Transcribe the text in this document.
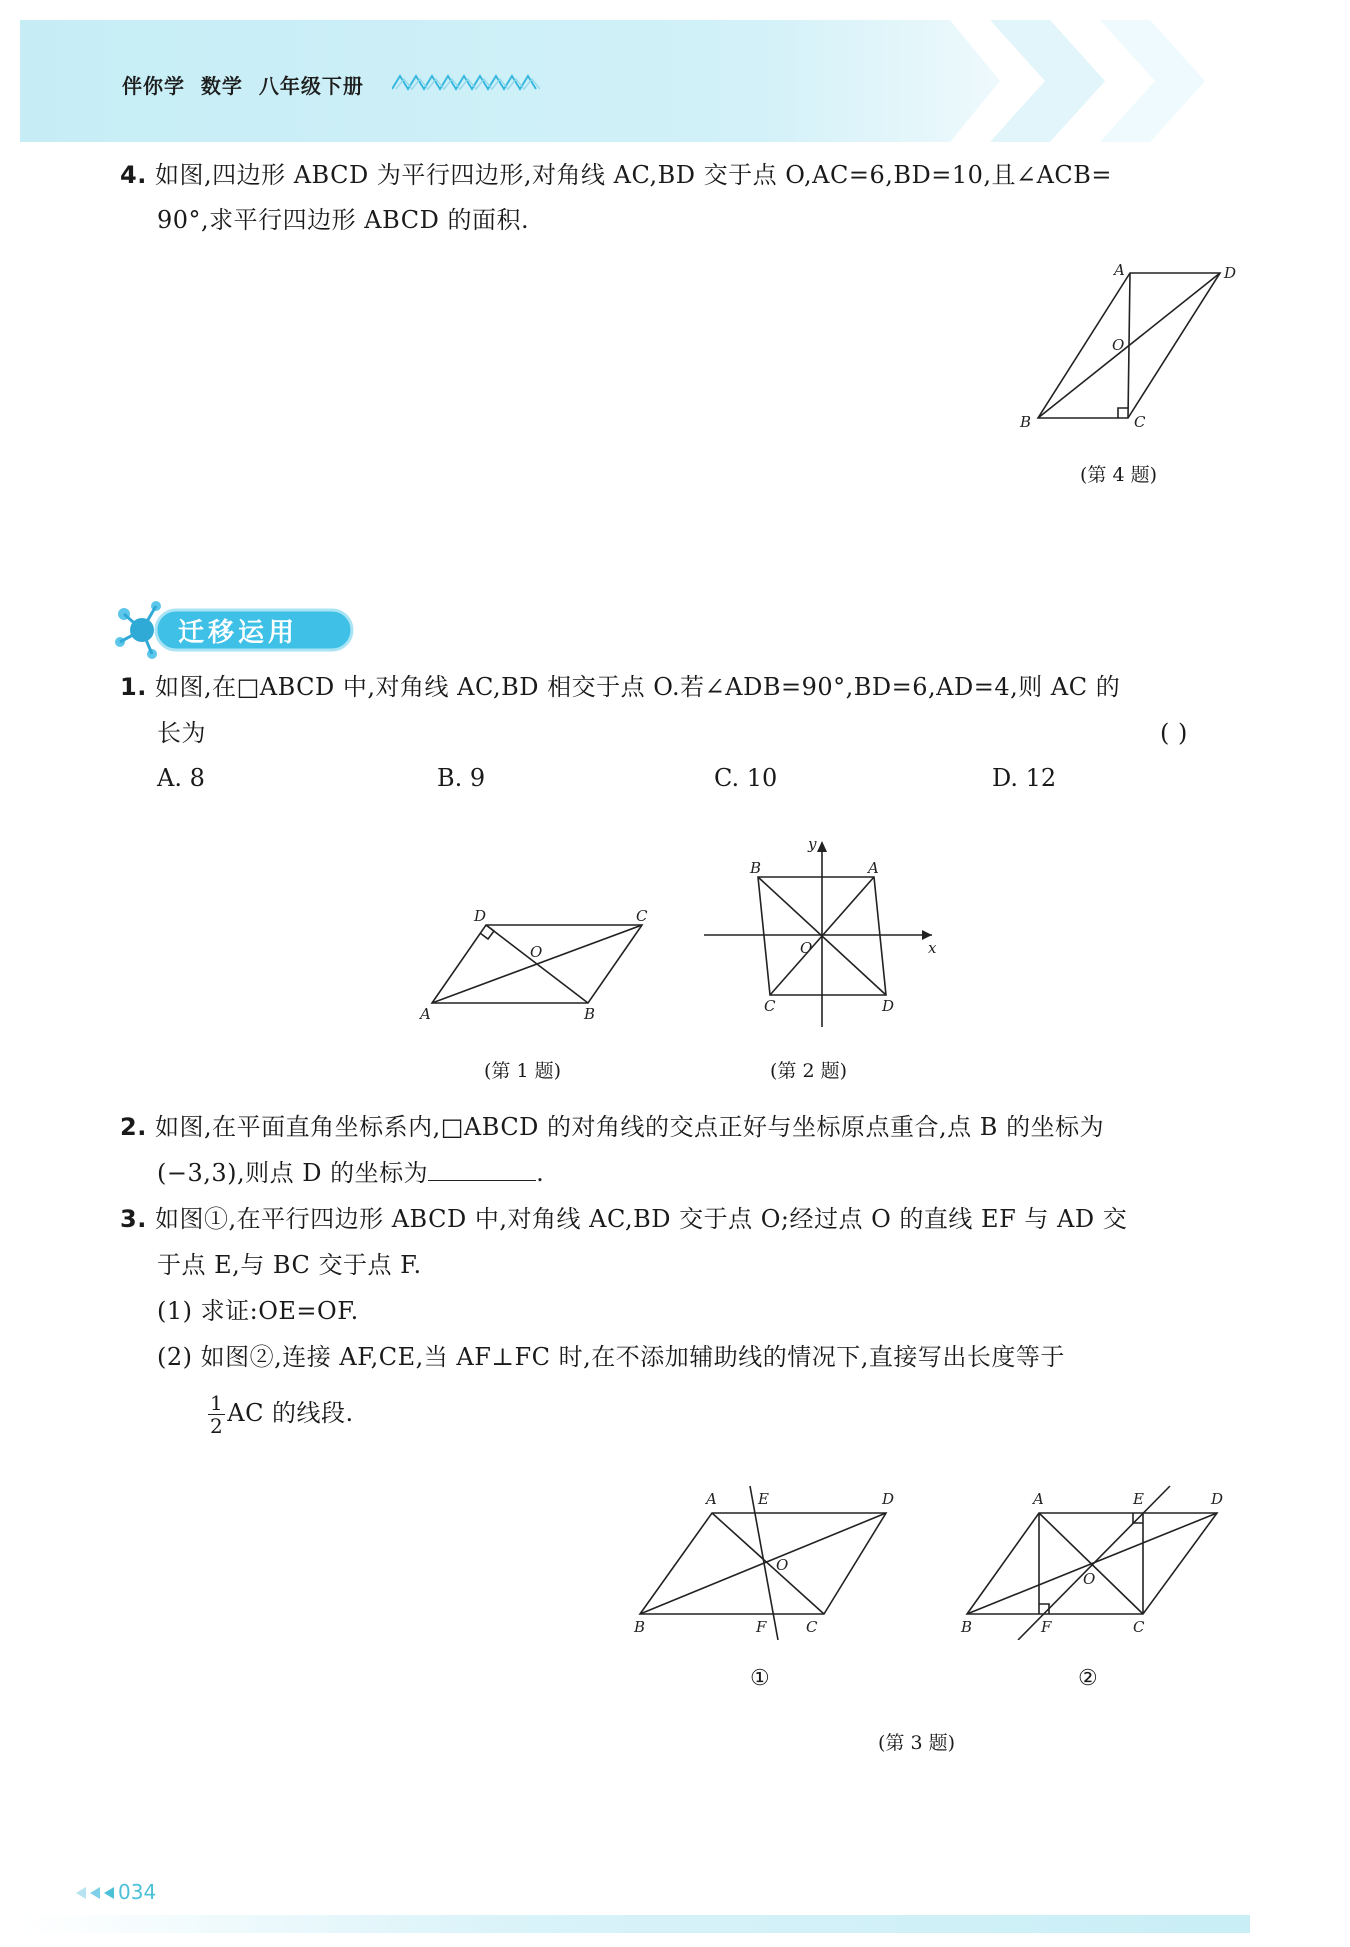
伴你学  数学  八年级下册
4. 如图,四边形 ABCD 为平行四边形,对角线 AC,BD 交于点 O,AC=6,BD=10,且∠ACB=
90°,求平行四边形 ABCD 的面积.
A	D
O
B	C
(第 4 题)
迁移运用
1. 如图,在□ABCD 中,对角线 AC,BD 相交于点 O.若∠ADB=90°,BD=6,AD=4,则 AC 的
长为	( )
A. 8	B. 9	C. 10	D. 12
D	C
O
A	B
(第 1 题)
y
x
B	A
O
C	D
(第 2 题)
2. 如图,在平面直角坐标系内,□ABCD 的对角线的交点正好与坐标原点重合,点 B 的坐标为
(−3,3),则点 D 的坐标为	.
3. 如图①,在平行四边形 ABCD 中,对角线 AC,BD 交于点 O;经过点 O 的直线 EF 与 AD 交
于点 E,与 BC 交于点 F.
(1) 求证:OE=OF.
(2) 如图②,连接 AF,CE,当 AF⊥FC 时,在不添加辅助线的情况下,直接写出长度等于
$\frac{1}{2}$ AC 的线段.
A	E	D
O
B	F	C
①
A	E	D
O
B	F	C
②
(第 3 题)
034
